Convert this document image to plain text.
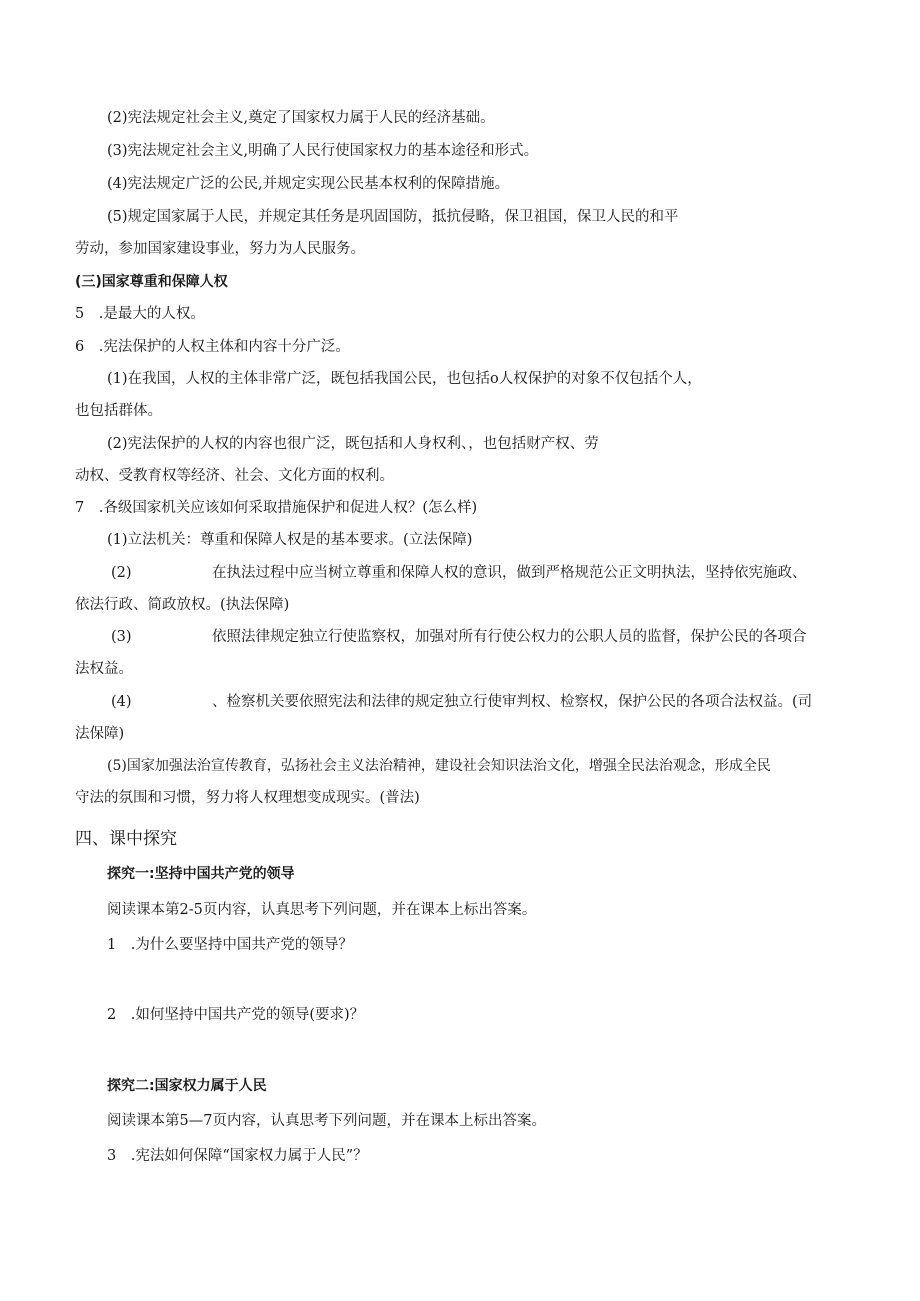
(2)宪法规定社会主义,奠定了国家权力属于人民的经济基础。
(3)宪法规定社会主义,明确了人民行使国家权力的基本途径和形式。
(4)宪法规定广泛的公民,并规定实现公民基本权利的保障措施。
(5)规定国家属于人民，并规定其任务是巩固国防，抵抗侵略，保卫祖国，保卫人民的和平
劳动，参加国家建设事业，努力为人民服务。
(三)国家尊重和保障人权
5　.是最大的人权。
6　.宪法保护的人权主体和内容十分广泛。
(1)在我国，人权的主体非常广泛，既包括我国公民，也包括o人权保护的对象不仅包括个人，
也包括群体。
(2)宪法保护的人权的内容也很广泛，既包括和人身权利、，也包括财产权、劳
动权、受教育权等经济、社会、文化方面的权利。
7　.各级国家机关应该如何采取措施保护和促进人权？(怎么样)
(1)立法机关：尊重和保障人权是的基本要求。(立法保障)
(2)	在执法过程中应当树立尊重和保障人权的意识，做到严格规范公正文明执法，坚持依宪施政、
依法行政、简政放权。(执法保障)
(3)	依照法律规定独立行使监察权，加强对所有行使公权力的公职人员的监督，保护公民的各项合
法权益。
(4)	、检察机关要依照宪法和法律的规定独立行使审判权、检察权，保护公民的各项合法权益。(司
法保障)
(5)国家加强法治宣传教育，弘扬社会主义法治精神，建设社会知识法治文化，增强全民法治观念，形成全民
守法的氛围和习惯，努力将人权理想变成现实。(普法)
四、课中探究
探究一:坚持中国共产党的领导
阅读课本第2-5页内容，认真思考下列问题，并在课本上标出答案。
1　.为什么要坚持中国共产党的领导？
2　.如何坚持中国共产党的领导(要求)？
探究二:国家权力属于人民
阅读课本第5—7页内容，认真思考下列问题，并在课本上标出答案。
3　.宪法如何保障“国家权力属于人民”？
